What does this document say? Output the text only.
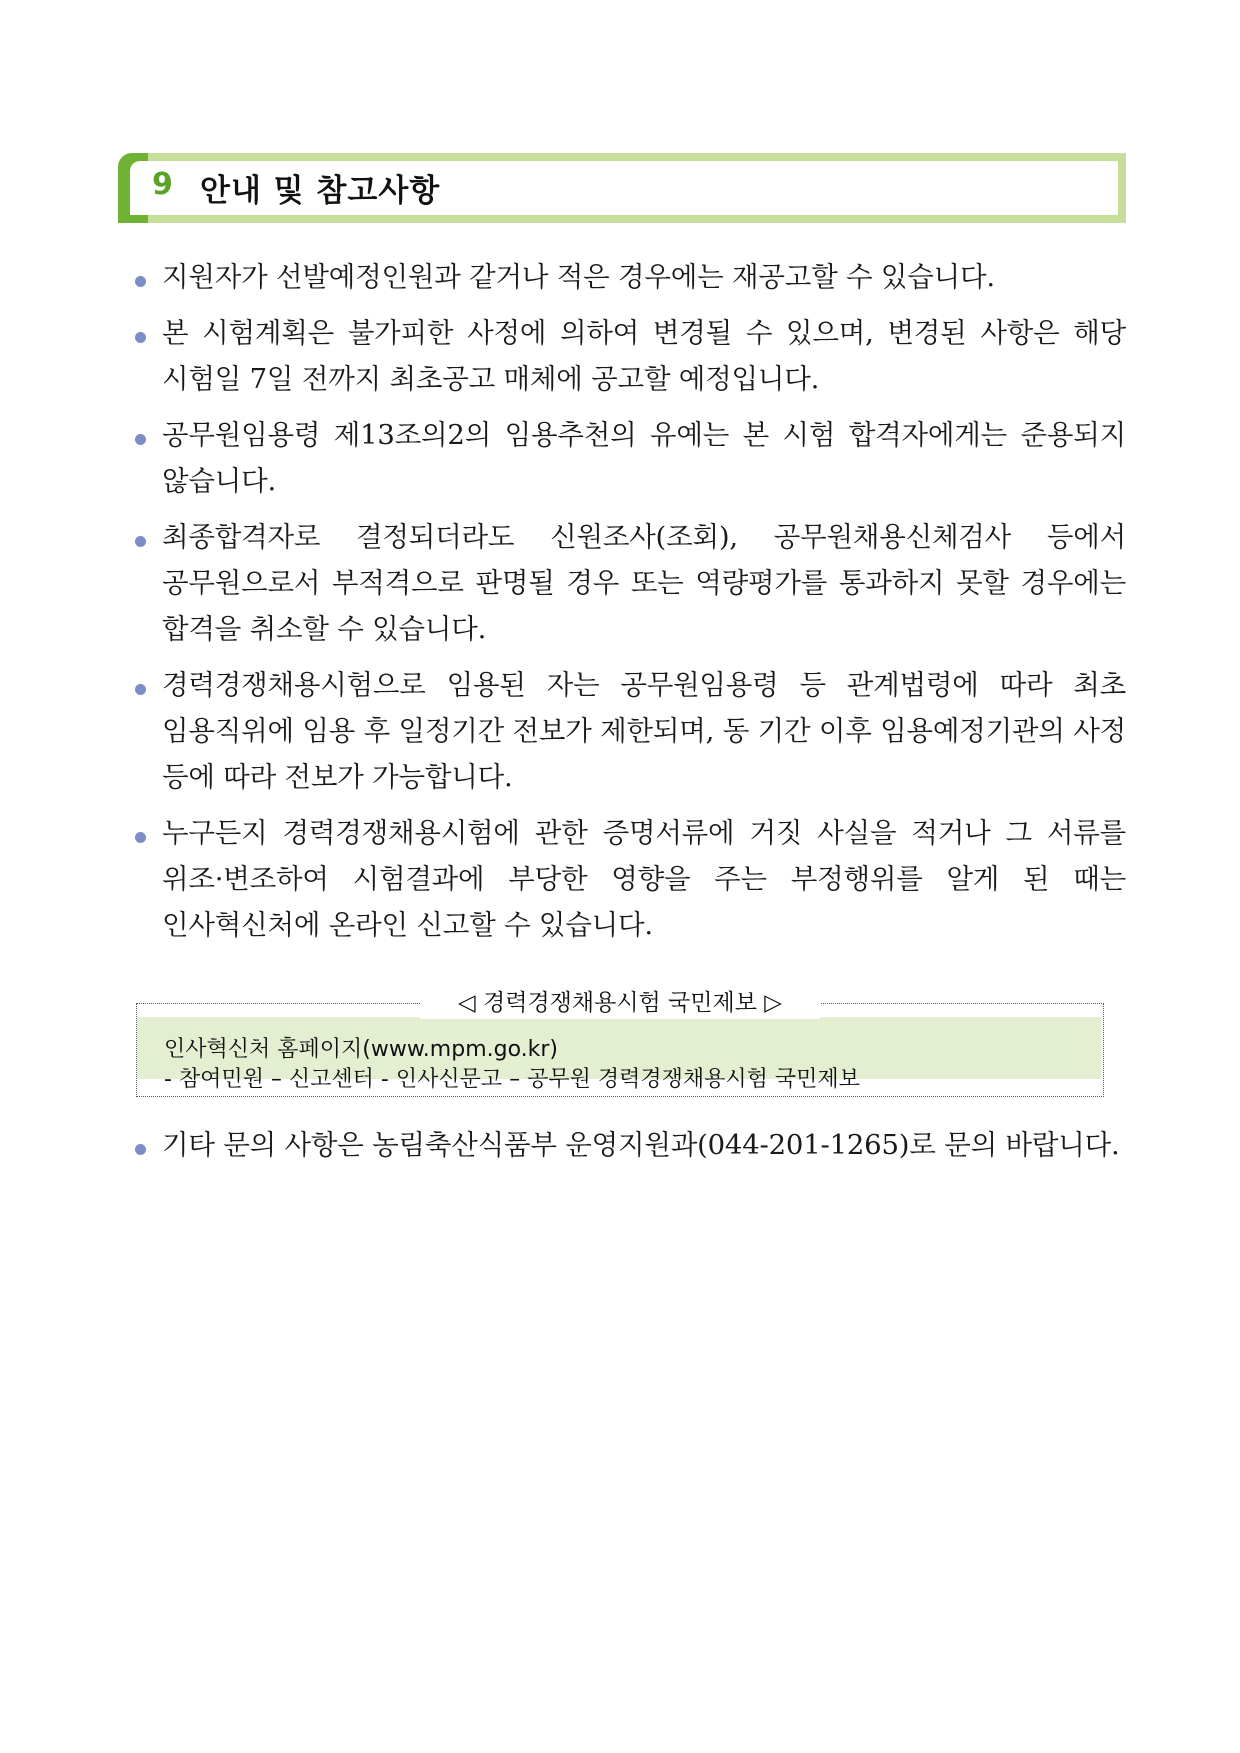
9 안내 및 참고사항
지원자가 선발예정인원과 같거나 적은 경우에는 재공고할 수 있습니다.
본 시험계획은 불가피한 사정에 의하여 변경될 수 있으며, 변경된 사항은 해당 시험일 7일 전까지 최초공고 매체에 공고할 예정입니다.
공무원임용령 제13조의2의 임용추천의 유예는 본 시험 합격자에게는 준용되지 않습니다.
최종합격자로 결정되더라도 신원조사(조회), 공무원채용신체검사 등에서 공무원으로서 부적격으로 판명될 경우 또는 역량평가를 통과하지 못할 경우에는 합격을 취소할 수 있습니다.
경력경쟁채용시험으로 임용된 자는 공무원임용령 등 관계법령에 따라 최초 임용직위에 임용 후 일정기간 전보가 제한되며, 동 기간 이후 임용예정기관의 사정 등에 따라 전보가 가능합니다.
누구든지 경력경쟁채용시험에 관한 증명서류에 거짓 사실을 적거나 그 서류를 위조·변조하여 시험결과에 부당한 영향을 주는 부정행위를 알게 된 때는 인사혁신처에 온라인 신고할 수 있습니다.
◁ 경력경쟁채용시험 국민제보 ▷
인사혁신처 홈페이지(www.mpm.go.kr)
- 참여민원 – 신고센터 - 인사신문고 – 공무원 경력경쟁채용시험 국민제보
기타 문의 사항은 농림축산식품부 운영지원과(044-201-1265)로 문의 바랍니다.
